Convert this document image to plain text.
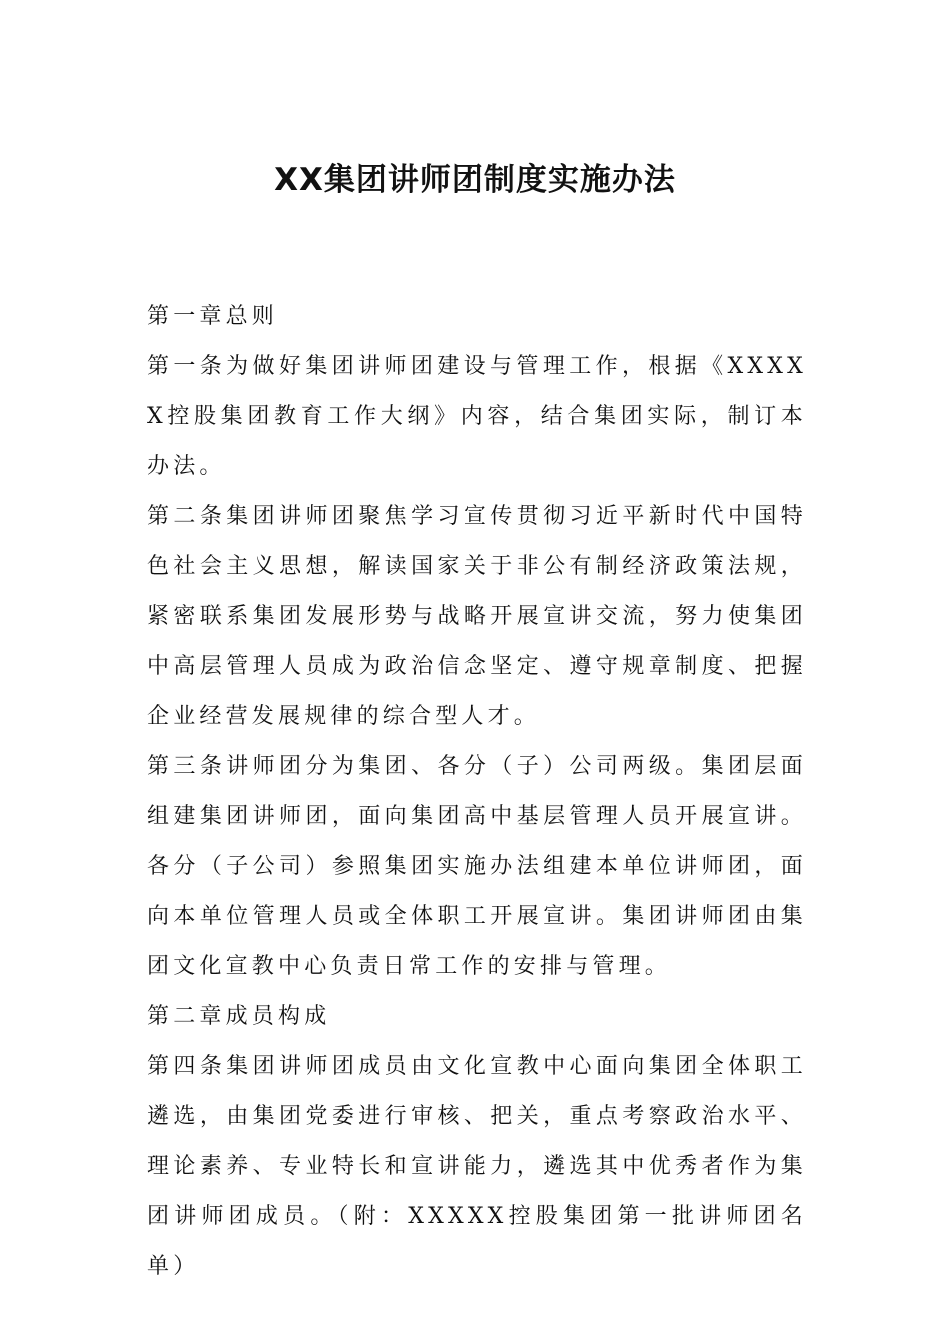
XX集团讲师团制度实施办法

第一章总则

第一条为做好集团讲师团建设与管理工作，根据《XXXXX控股集团教育工作大纲》内容，结合集团实际，制订本办法。

第二条集团讲师团聚焦学习宣传贯彻习近平新时代中国特色社会主义思想，解读国家关于非公有制经济政策法规，紧密联系集团发展形势与战略开展宣讲交流，努力使集团中高层管理人员成为政治信念坚定、遵守规章制度、把握企业经营发展规律的综合型人才。

第三条讲师团分为集团、各分（子）公司两级。集团层面组建集团讲师团，面向集团高中基层管理人员开展宣讲。各分（子公司）参照集团实施办法组建本单位讲师团，面向本单位管理人员或全体职工开展宣讲。集团讲师团由集团文化宣教中心负责日常工作的安排与管理。

第二章成员构成

第四条集团讲师团成员由文化宣教中心面向集团全体职工遴选，由集团党委进行审核、把关，重点考察政治水平、理论素养、专业特长和宣讲能力，遴选其中优秀者作为集团讲师团成员。（附：XXXXX控股集团第一批讲师团名单）
